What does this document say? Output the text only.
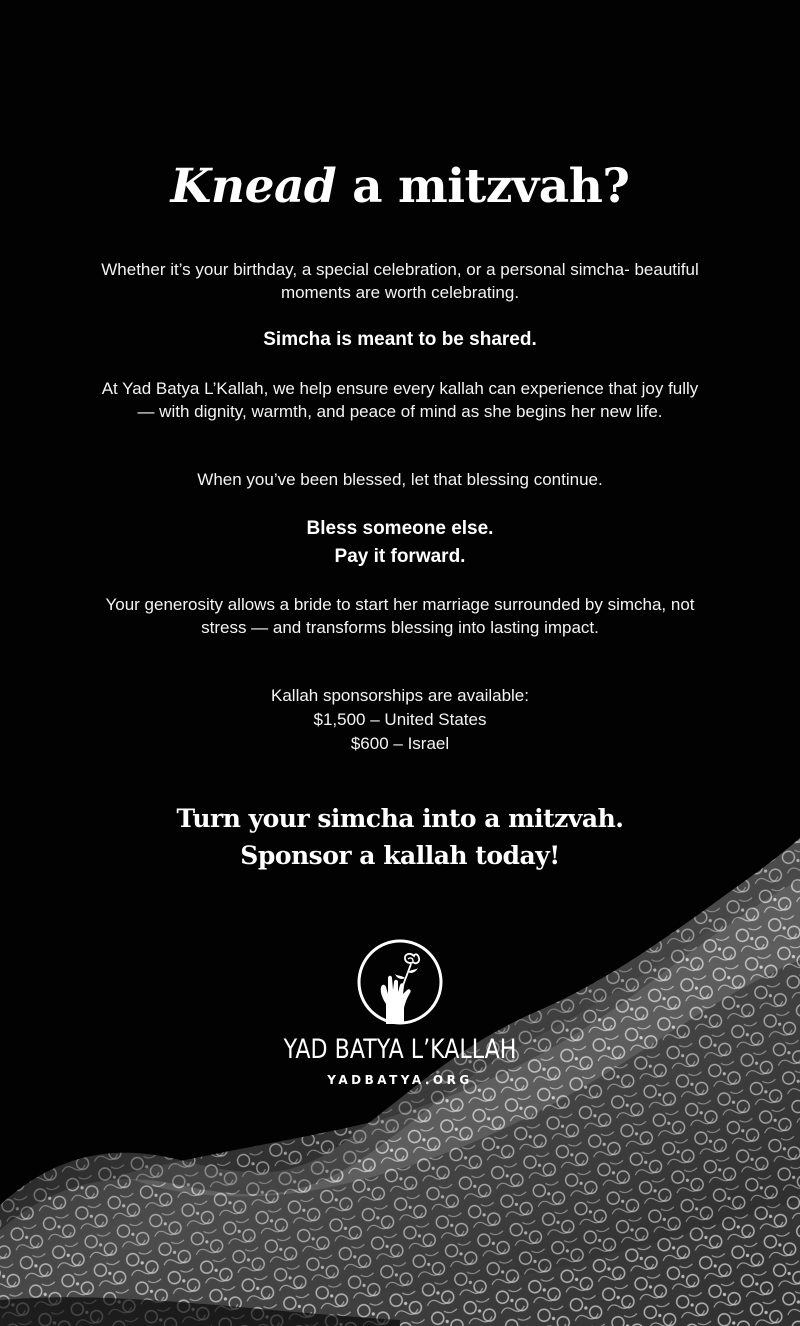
Knead a mitzvah?

Whether it’s your birthday, a special celebration, or a personal simcha- beautiful moments are worth celebrating.

Simcha is meant to be shared.

At Yad Batya L’Kallah, we help ensure every kallah can experience that joy fully — with dignity, warmth, and peace of mind as she begins her new life.

When you’ve been blessed, let that blessing continue.

Bless someone else.

Pay it forward.

Your generosity allows a bride to start her marriage surrounded by simcha, not stress — and transforms blessing into lasting impact.

Kallah sponsorships are available:

$1,500 – United States

$600 – Israel

Turn your simcha into a mitzvah.

Sponsor a kallah today!

YAD BATYA L’KALLAH
YADBATYA.ORG
